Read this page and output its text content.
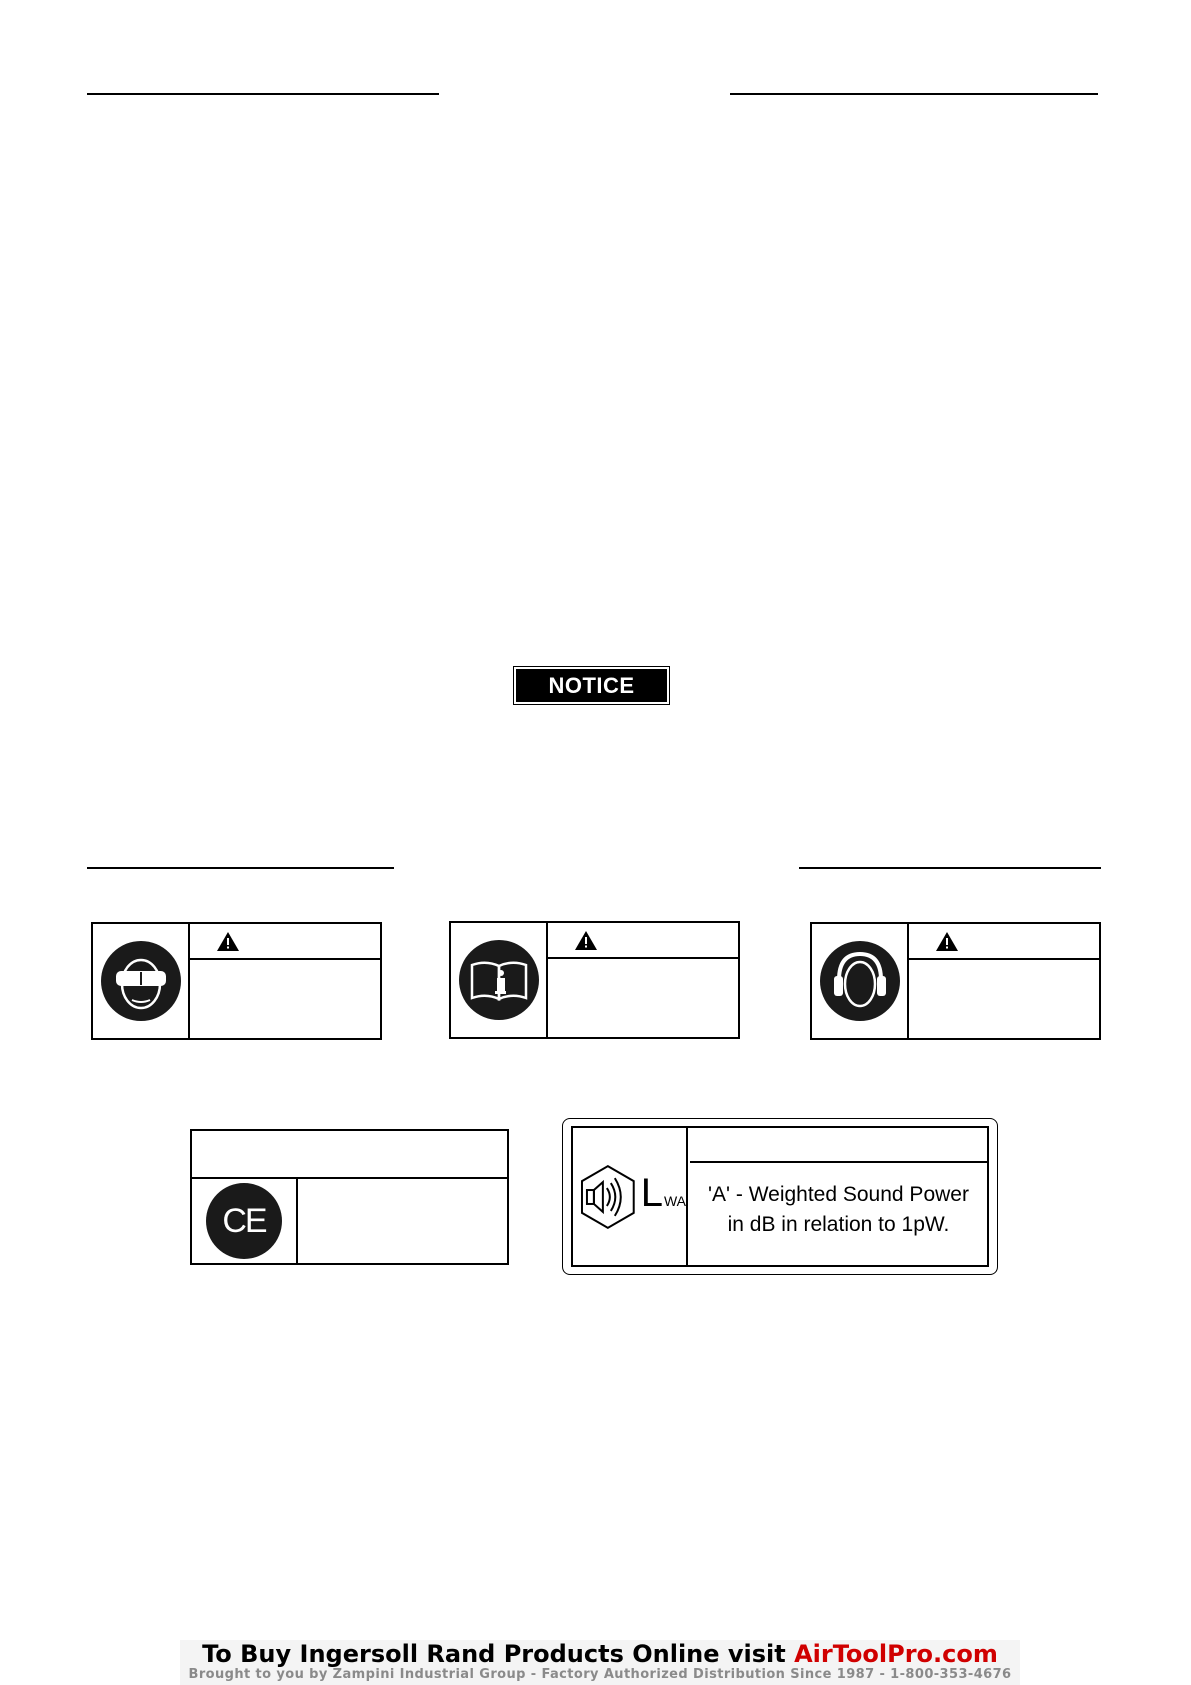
NOTICE
CE
LWA	'A' - Weighted Sound Power
in dB in relation to 1pW.
To Buy Ingersoll Rand Products Online visit AirToolPro.com
Brought to you by Zampini Industrial Group - Factory Authorized Distribution Since 1987 - 1-800-353-4676
